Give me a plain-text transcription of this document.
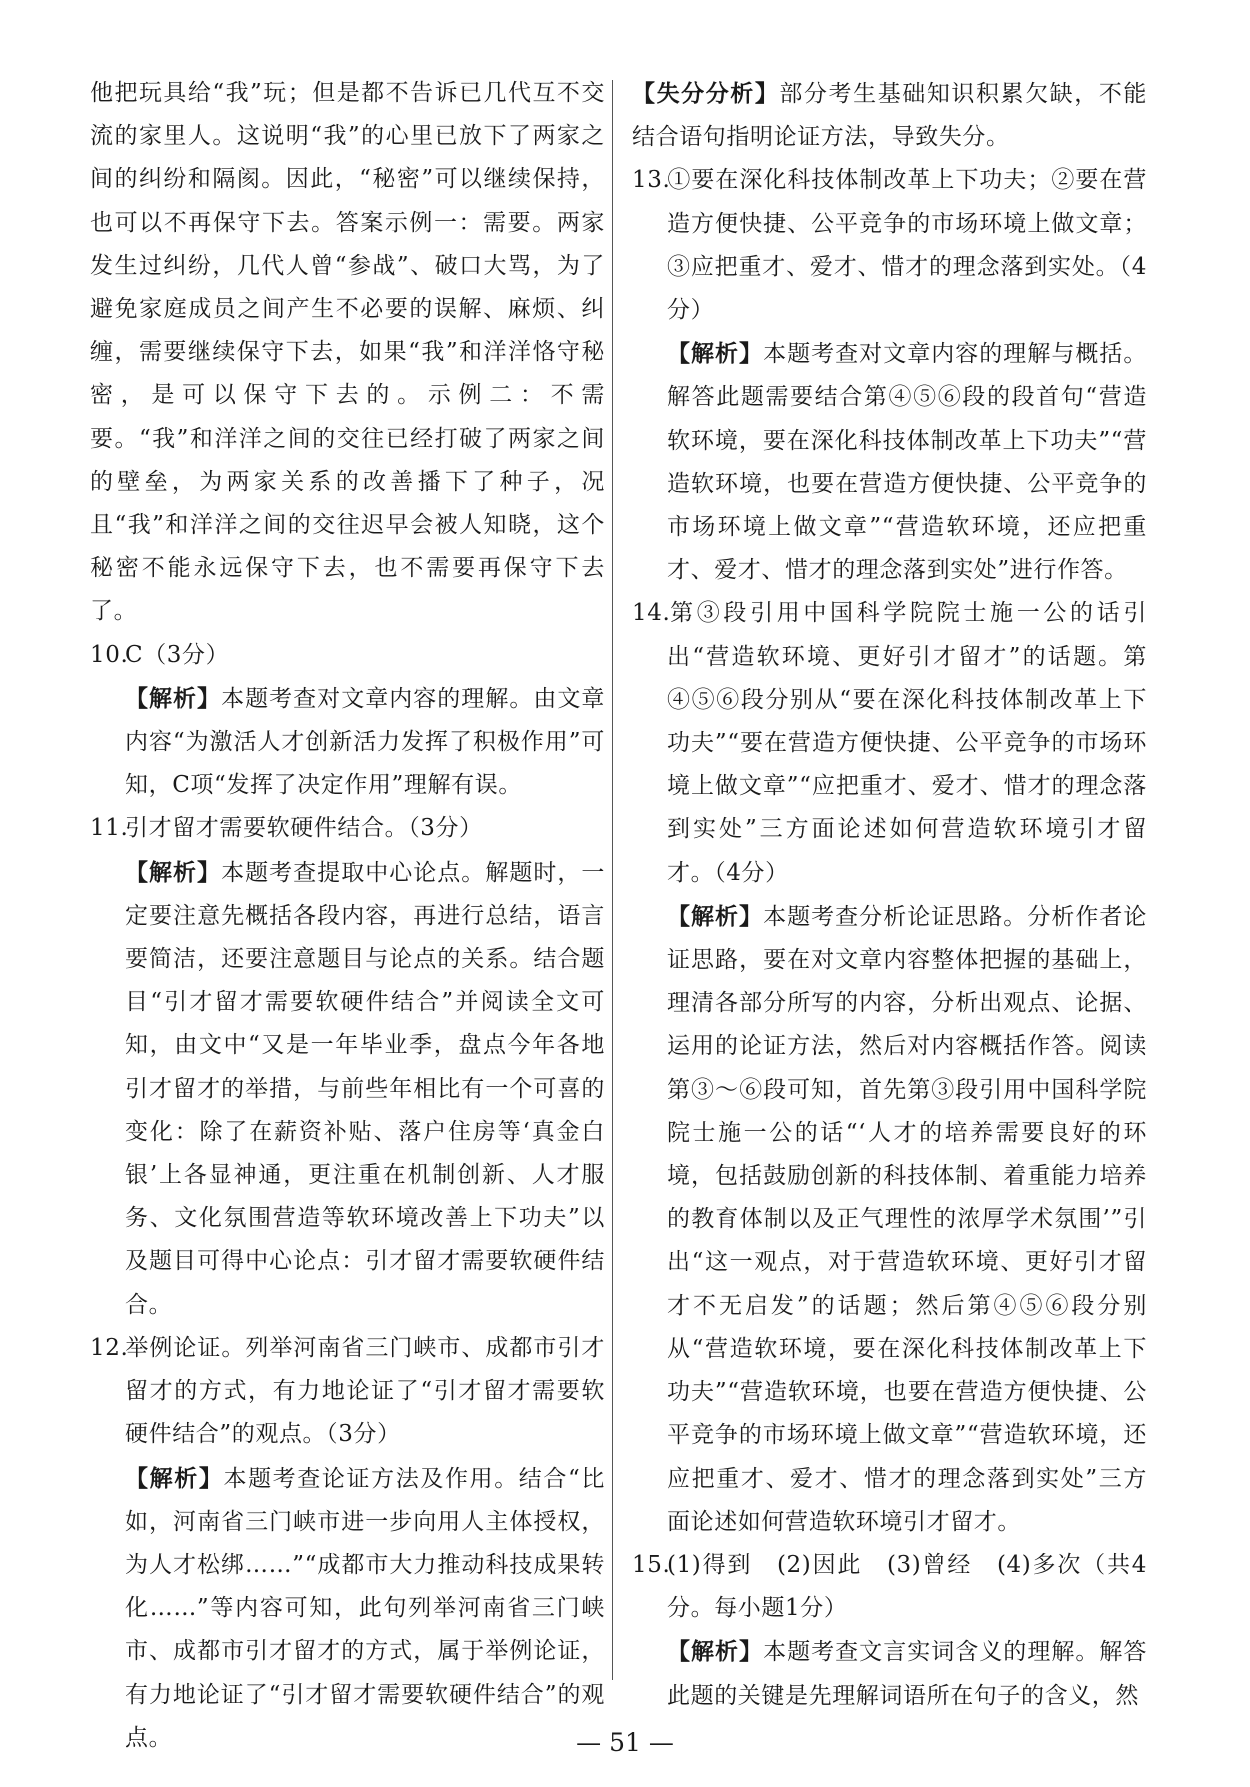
他把玩具给“我”玩；但是都不告诉已几代互不交流的家里人。这说明“我”的心里已放下了两家之间的纠纷和隔阂。因此，“秘密”可以继续保持，也可以不再保守下去。答案示例一：需要。两家发生过纠纷，几代人曾“参战”、破口大骂，为了避免家庭成员之间产生不必要的误解、麻烦、纠缠，需要继续保守下去，如果“我”和洋洋恪守秘密，是可以保守下去的。示例二：不需要。“我”和洋洋之间的交往已经打破了两家之间的壁垒，为两家关系的改善播下了种子，况且“我”和洋洋之间的交往迟早会被人知晓，这个秘密不能永远保守下去，也不需要再保守下去了。

10.C（3分）

【解析】本题考查对文章内容的理解。由文章内容“为激活人才创新活力发挥了积极作用”可知，C项“发挥了决定作用”理解有误。

11.引才留才需要软硬件结合。（3分）

【解析】本题考查提取中心论点。解题时，一定要注意先概括各段内容，再进行总结，语言要简洁，还要注意题目与论点的关系。结合题目“引才留才需要软硬件结合”并阅读全文可知，由文中“又是一年毕业季，盘点今年各地引才留才的举措，与前些年相比有一个可喜的变化：除了在薪资补贴、落户住房等‘真金白银’上各显神通，更注重在机制创新、人才服务、文化氛围营造等软环境改善上下功夫”以及题目可得中心论点：引才留才需要软硬件结合。

12.举例论证。列举河南省三门峡市、成都市引才留才的方式，有力地论证了“引才留才需要软硬件结合”的观点。（3分）

【解析】本题考查论证方法及作用。结合“比如，河南省三门峡市进一步向用人主体授权，为人才松绑……”“成都市大力推动科技成果转化……”等内容可知，此句列举河南省三门峡市、成都市引才留才的方式，属于举例论证，有力地论证了“引才留才需要软硬件结合”的观点。

【失分分析】部分考生基础知识积累欠缺，不能结合语句指明论证方法，导致失分。

13.①要在深化科技体制改革上下功夫；②要在营造方便快捷、公平竞争的市场环境上做文章；③应把重才、爱才、惜才的理念落到实处。（4分）

【解析】本题考查对文章内容的理解与概括。解答此题需要结合第④⑤⑥段的段首句“营造软环境，要在深化科技体制改革上下功夫”“营造软环境，也要在营造方便快捷、公平竞争的市场环境上做文章”“营造软环境，还应把重才、爱才、惜才的理念落到实处”进行作答。

14.第③段引用中国科学院院士施一公的话引出“营造软环境、更好引才留才”的话题。第④⑤⑥段分别从“要在深化科技体制改革上下功夫”“要在营造方便快捷、公平竞争的市场环境上做文章”“应把重才、爱才、惜才的理念落到实处”三方面论述如何营造软环境引才留才。（4分）

【解析】本题考查分析论证思路。分析作者论证思路，要在对文章内容整体把握的基础上，理清各部分所写的内容，分析出观点、论据、运用的论证方法，然后对内容概括作答。阅读第③～⑥段可知，首先第③段引用中国科学院院士施一公的话“‘人才的培养需要良好的环境，包括鼓励创新的科技体制、着重能力培养的教育体制以及正气理性的浓厚学术氛围’”引出“这一观点，对于营造软环境、更好引才留才不无启发”的话题；然后第④⑤⑥段分别从“营造软环境，要在深化科技体制改革上下功夫”“营造软环境，也要在营造方便快捷、公平竞争的市场环境上做文章”“营造软环境，还应把重才、爱才、惜才的理念落到实处”三方面论述如何营造软环境引才留才。

15.(1)得到　(2)因此　(3)曾经　(4)多次（共4分。每小题1分）

【解析】本题考查文言实词含义的理解。解答此题的关键是先理解词语所在句子的含义，然

— 51 —
